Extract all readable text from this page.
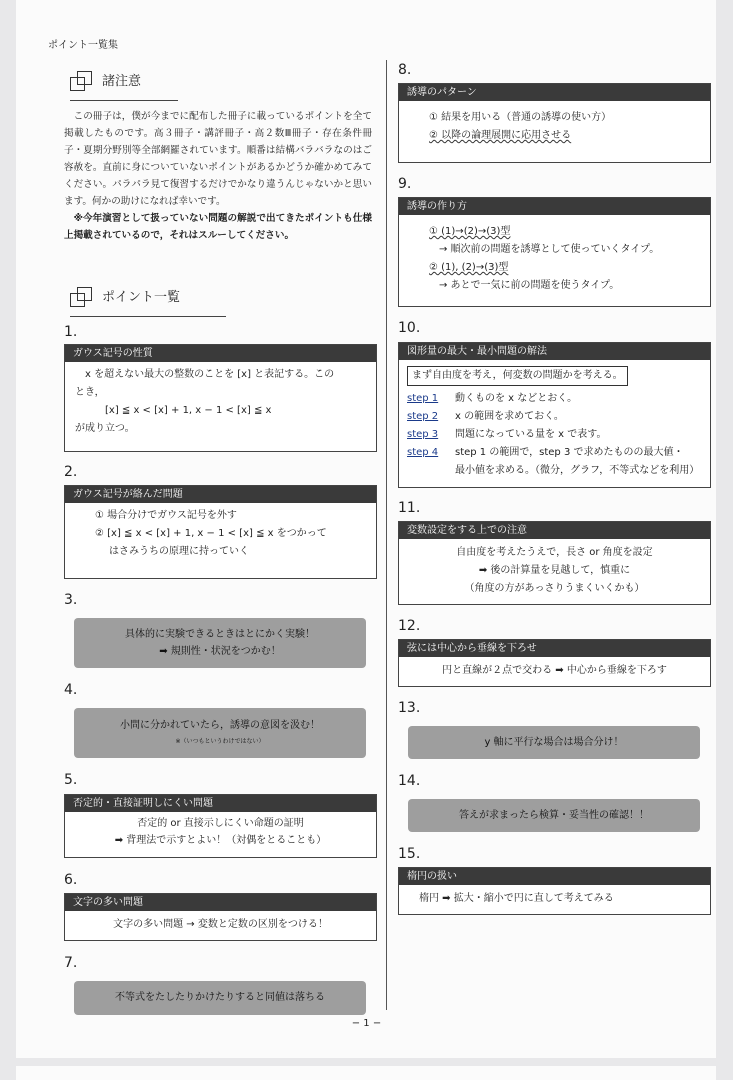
ポイント一覧集
諸注意

この冊子は，僕が今までに配布した冊子に載っているポイントを全て掲載したものです。高３冊子・講評冊子・高２数Ⅲ冊子・存在条件冊子・夏期分野別等全部網羅されています。順番は結構バラバラなのはご容赦を。直前に身についていないポイントがあるかどうか確かめてみてください。パラパラ見て復習するだけでかなり違うんじゃないかと思います。何かの助けになれば幸いです。

※今年演習として扱っていない問題の解説で出てきたポイントも仕様上掲載されているので，それはスルーしてください。

ポイント一覧
1.
ガウス記号の性質
x を超えない最大の整数のことを [x] と表記する。この
とき，
[x] ≦ x < [x] + 1, x − 1 < [x] ≦ x
が成り立つ。
2.
ガウス記号が絡んだ問題
① 場合分けでガウス記号を外す
② [x] ≦ x < [x] + 1, x − 1 < [x] ≦ x をつかって
はさみうちの原理に持っていく
3.
具体的に実験できるときはとにかく実験！
➡ 規則性・状況をつかむ！
4.
小問に分かれていたら，誘導の意図を汲む！
※（いつもというわけではない）
5.
否定的・直接証明しにくい問題
否定的 or 直接示しにくい命題の証明
➡ 背理法で示すとよい！（対偶をとることも）
6.
文字の多い問題
文字の多い問題 → 変数と定数の区別をつける！
7.
不等式をたしたりかけたりすると同値は落ちる
8.
誘導のパターン
① 結果を用いる（普通の誘導の使い方）
② 以降の論理展開に応用させる
9.
誘導の作り方
① (1)→(2)→(3)型
→ 順次前の問題を誘導として使っていくタイプ。
② (1), (2)→(3)型
→ あとで一気に前の問題を使うタイプ。
10.
図形量の最大・最小問題の解法
まず自由度を考え，何変数の問題かを考える。
step 1	動くものを x などとおく。
step 2	x の範囲を求めておく。
step 3	問題になっている量を x で表す。
step 4	step 1 の範囲で，step 3 で求めたものの最大値・
最小値を求める。（微分，グラフ，不等式などを利用）
11.
変数設定をする上での注意
自由度を考えたうえで，長さ or 角度を設定
➡ 後の計算量を見越して，慎重に
（角度の方があっさりうまくいくかも）
12.
弦には中心から垂線を下ろせ
円と直線が２点で交わる ➡ 中心から垂線を下ろす
13.
y 軸に平行な場合は場合分け！
14.
答えが求まったら検算・妥当性の確認！！
15.
楕円の扱い
楕円 ➡ 拡大・縮小で円に直して考えてみる
− 1 −
